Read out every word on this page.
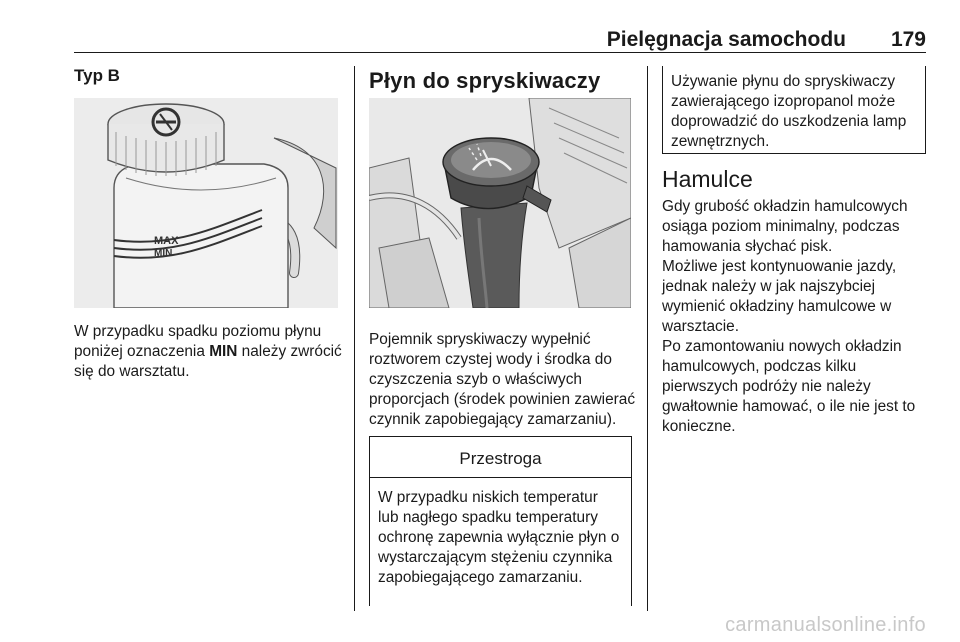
Pielęgnacja samochodu	179
Typ B
MAX
MIN

W przypadku spadku poziomu płynu poniżej oznaczenia MIN należy zwrócić się do warsztatu.

Płyn do spryskiwaczy

Pojemnik spryskiwaczy wypełnić roztworem czystej wody i środka do czyszczenia szyb o właściwych proporcjach (środek powinien zawierać czynnik zapobiegający zamarzaniu).

Przestroga

W przypadku niskich temperatur lub nagłego spadku temperatury ochronę zapewnia wyłącznie płyn o wystarczającym stężeniu czynnika zapobiegającego zamarzaniu.

Używanie płynu do spryskiwaczy zawierającego izopropanol może doprowadzić do uszkodzenia lamp zewnętrznych.

Hamulce

Gdy grubość okładzin hamulcowych osiąga poziom minimalny, podczas hamowania słychać pisk.

Możliwe jest kontynuowanie jazdy, jednak należy w jak najszybciej wymienić okładziny hamulcowe w warsztacie.

Po zamontowaniu nowych okładzin hamulcowych, podczas kilku pierwszych podróży nie należy gwałtownie hamować, o ile nie jest to konieczne.

carmanualsonline.info
